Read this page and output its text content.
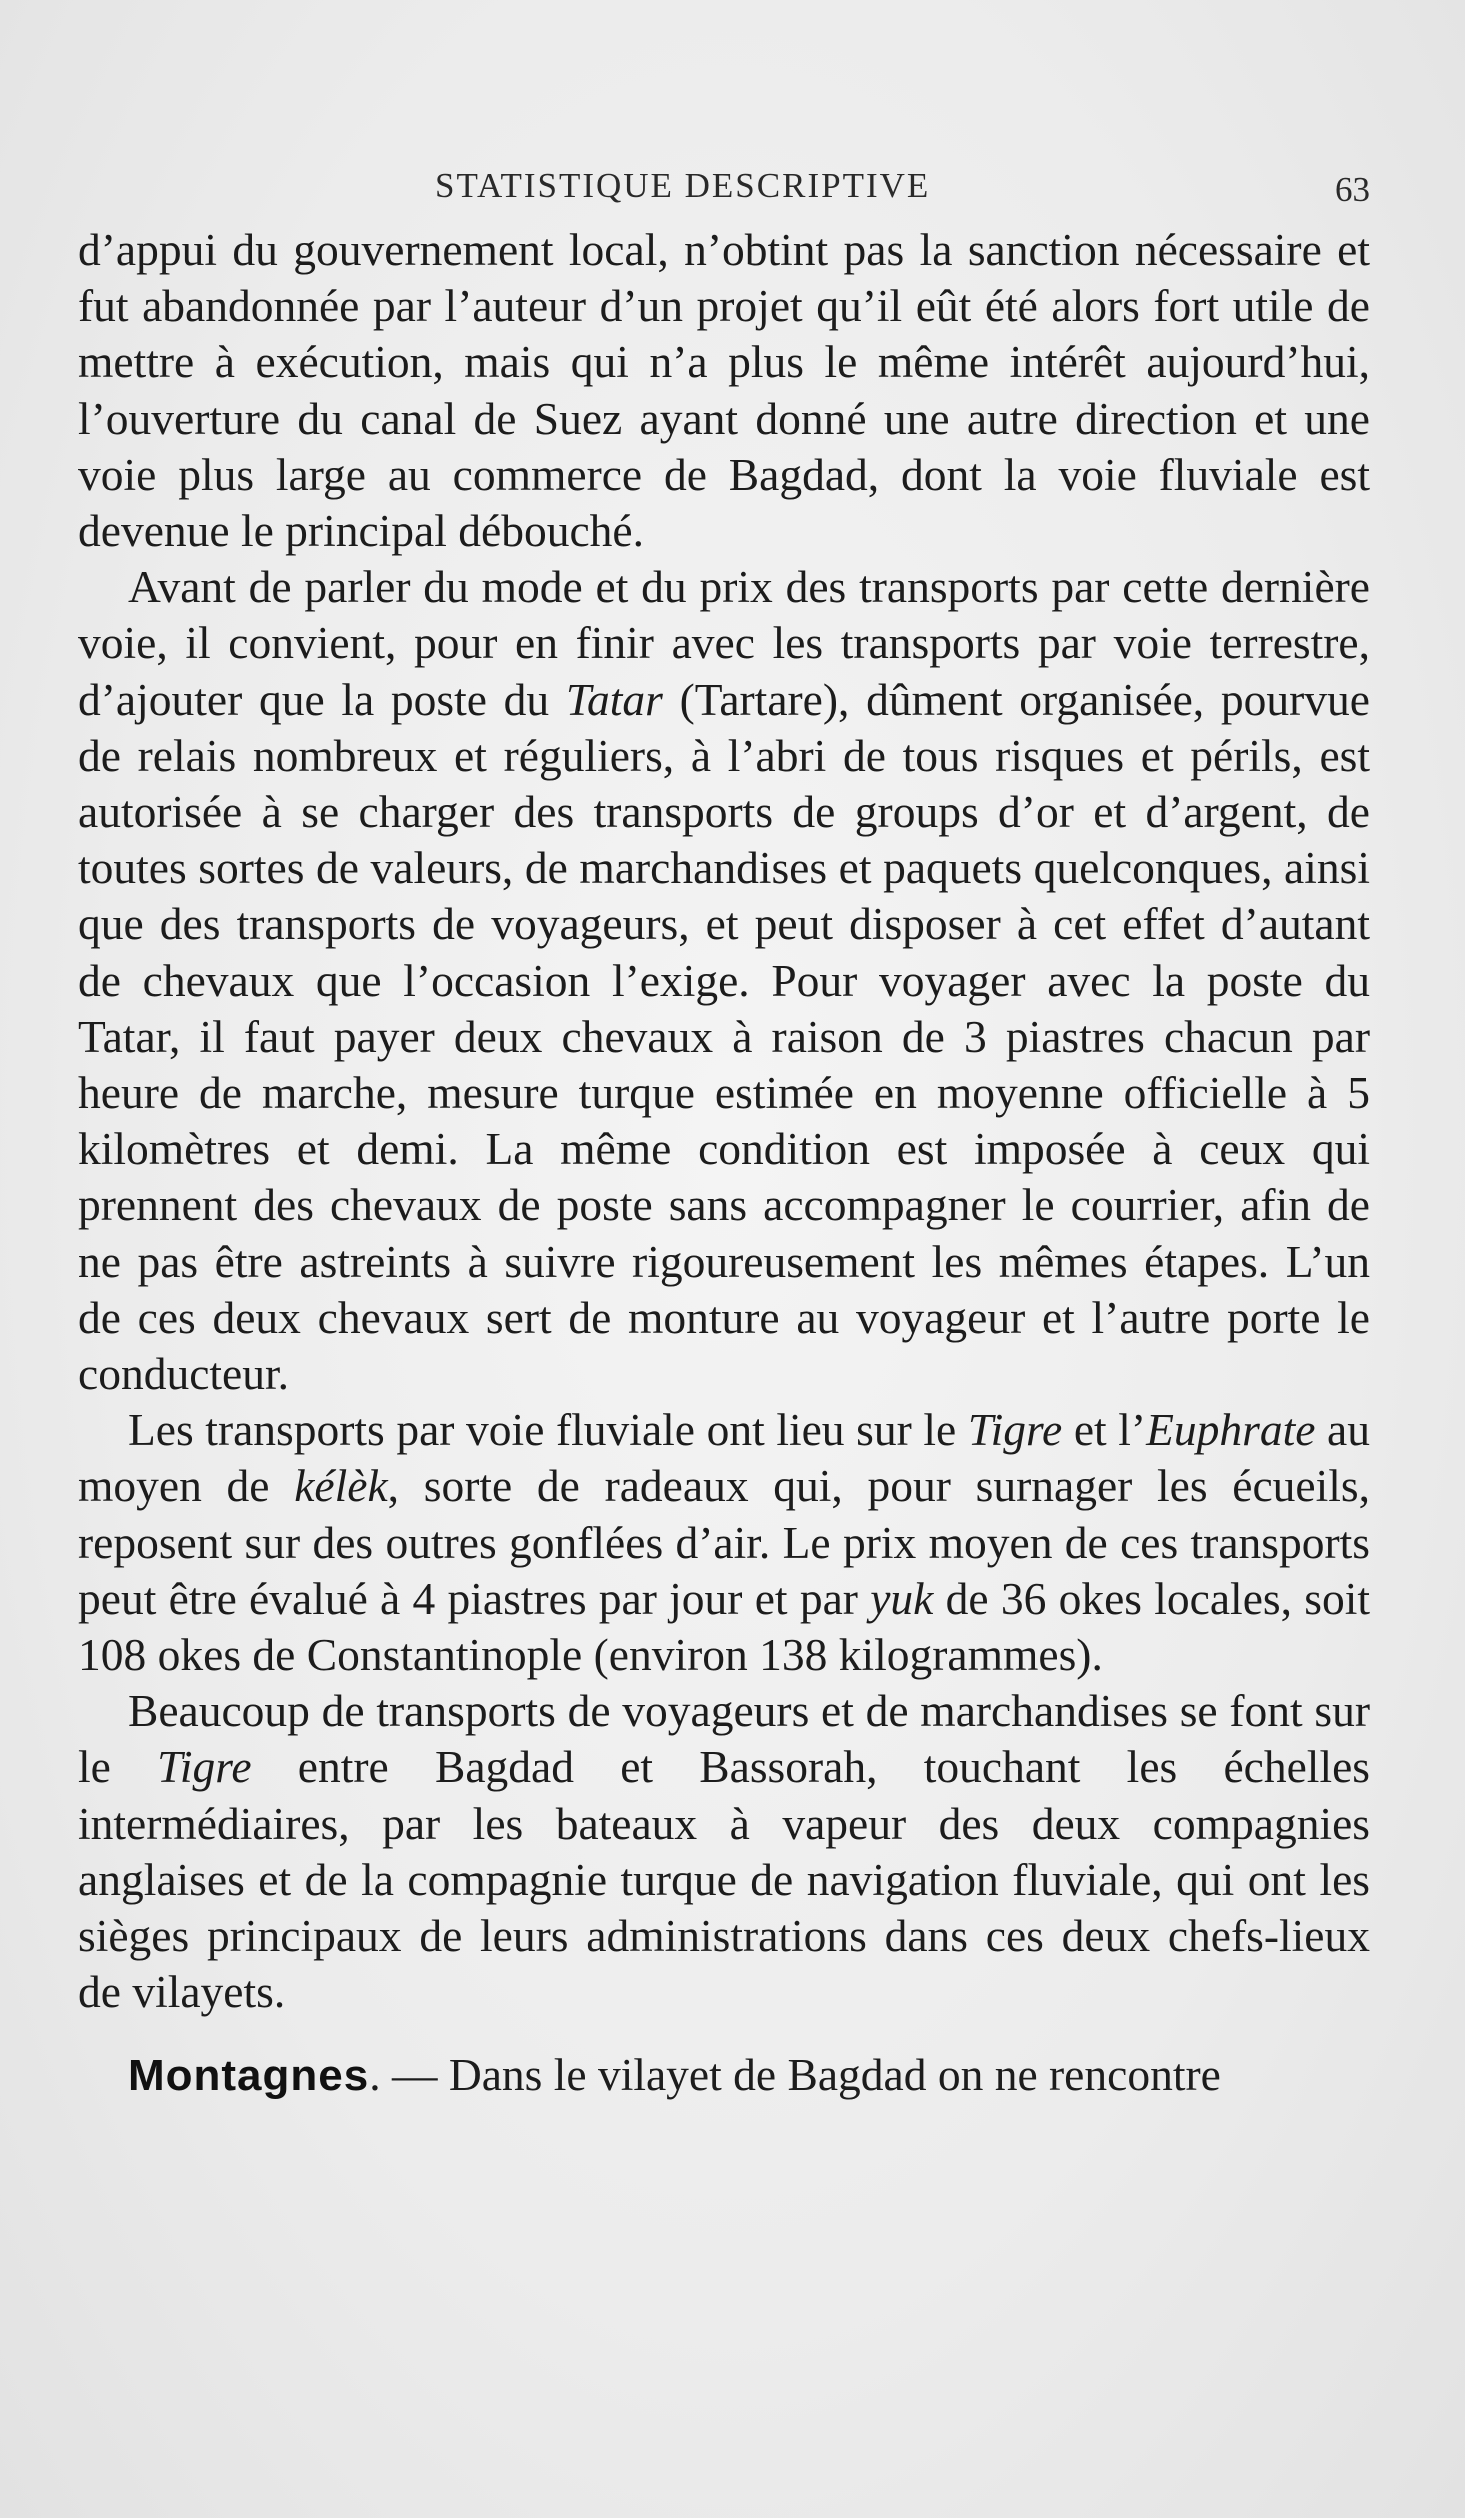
STATISTIQUE DESCRIPTIVE	63

d’appui du gouvernement local, n’obtint pas la sanction nécessaire et fut abandonnée par l’auteur d’un projet qu’il eût été alors fort utile de mettre à exécution, mais qui n’a plus le même intérêt aujourd’hui, l’ouverture du canal de Suez ayant donné une autre direction et une voie plus large au commerce de Bagdad, dont la voie fluviale est devenue le principal débouché.

Avant de parler du mode et du prix des transports par cette dernière voie, il convient, pour en finir avec les transports par voie terrestre, d’ajouter que la poste du Tatar (Tartare), dûment organisée, pourvue de relais nombreux et réguliers, à l’abri de tous risques et périls, est autorisée à se charger des transports de groups d’or et d’argent, de toutes sortes de valeurs, de marchandises et paquets quelconques, ainsi que des transports de voyageurs, et peut disposer à cet effet d’autant de chevaux que l’occasion l’exige. Pour voyager avec la poste du Tatar, il faut payer deux chevaux à raison de 3 piastres chacun par heure de marche, mesure turque estimée en moyenne officielle à 5 kilomètres et demi. La même condition est imposée à ceux qui prennent des chevaux de poste sans accompagner le courrier, afin de ne pas être astreints à suivre rigoureusement les mêmes étapes. L’un de ces deux chevaux sert de monture au voyageur et l’autre porte le conducteur.

Les transports par voie fluviale ont lieu sur le Tigre et l’Euphrate au moyen de kélèk, sorte de radeaux qui, pour surnager les écueils, reposent sur des outres gonflées d’air. Le prix moyen de ces transports peut être évalué à 4 piastres par jour et par yuk de 36 okes locales, soit 108 okes de Constantinople (environ 138 kilogrammes).

Beaucoup de transports de voyageurs et de marchandises se font sur le Tigre entre Bagdad et Bassorah, touchant les échelles intermédiaires, par les bateaux à vapeur des deux compagnies anglaises et de la compagnie turque de navigation fluviale, qui ont les sièges principaux de leurs administrations dans ces deux chefs-lieux de vilayets.

Montagnes. — Dans le vilayet de Bagdad on ne rencontre
